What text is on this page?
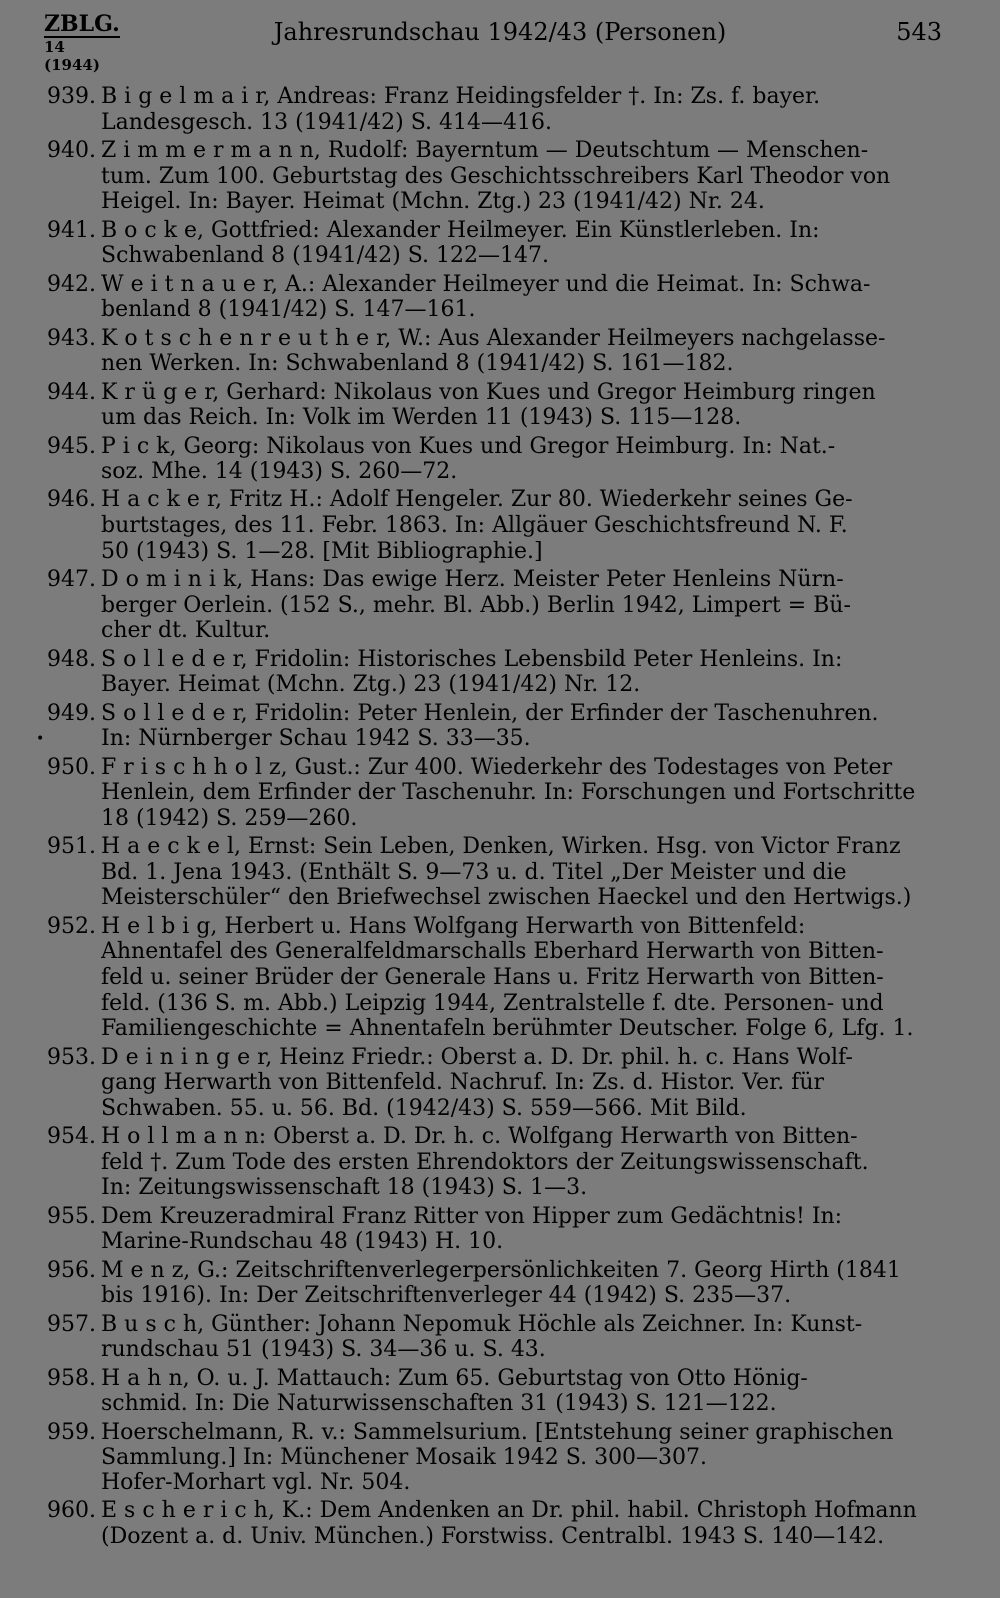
ZBLG.
14 (1944)
Jahresrundschau 1942/43 (Personen)	543
939. B i g e l m a i r, Andreas: Franz Heidingsfelder †. In: Zs. f. bayer.
Landesgesch. 13 (1941/42) S. 414—416.
940. Z i m m e r m a n n, Rudolf: Bayerntum — Deutschtum — Menschen-
tum. Zum 100. Geburtstag des Geschichtsschreibers Karl Theodor von
Heigel. In: Bayer. Heimat (Mchn. Ztg.) 23 (1941/42) Nr. 24.
941. B o c k e, Gottfried: Alexander Heilmeyer. Ein Künstlerleben. In:
Schwabenland 8 (1941/42) S. 122—147.
942. W e i t n a u e r, A.: Alexander Heilmeyer und die Heimat. In: Schwa-
benland 8 (1941/42) S. 147—161.
943. K o t s c h e n r e u t h e r, W.: Aus Alexander Heilmeyers nachgelasse-
nen Werken. In: Schwabenland 8 (1941/42) S. 161—182.
944. K r ü g e r, Gerhard: Nikolaus von Kues und Gregor Heimburg ringen
um das Reich. In: Volk im Werden 11 (1943) S. 115—128.
945. P i c k, Georg: Nikolaus von Kues und Gregor Heimburg. In: Nat.-
soz. Mhe. 14 (1943) S. 260—72.
946. H a c k e r, Fritz H.: Adolf Hengeler. Zur 80. Wiederkehr seines Ge-
burtstages, des 11. Febr. 1863. In: Allgäuer Geschichtsfreund N. F.
50 (1943) S. 1—28. [Mit Bibliographie.]
947. D o m i n i k, Hans: Das ewige Herz. Meister Peter Henleins Nürn-
berger Oerlein. (152 S., mehr. Bl. Abb.) Berlin 1942, Limpert = Bü-
cher dt. Kultur.
948. S o l l e d e r, Fridolin: Historisches Lebensbild Peter Henleins. In:
Bayer. Heimat (Mchn. Ztg.) 23 (1941/42) Nr. 12.
949.
•
S o l l e d e r, Fridolin: Peter Henlein, der Erfinder der Taschenuhren.
In: Nürnberger Schau 1942 S. 33—35.
950. F r i s c h h o l z, Gust.: Zur 400. Wiederkehr des Todestages von Peter
Henlein, dem Erfinder der Taschenuhr. In: Forschungen und Fortschritte
18 (1942) S. 259—260.
951. H a e c k e l, Ernst: Sein Leben, Denken, Wirken. Hsg. von Victor Franz
Bd. 1. Jena 1943. (Enthält S. 9—73 u. d. Titel „Der Meister und die
Meisterschüler“ den Briefwechsel zwischen Haeckel und den Hertwigs.)
952. H e l b i g, Herbert u. Hans Wolfgang Herwarth von Bittenfeld:
Ahnentafel des Generalfeldmarschalls Eberhard Herwarth von Bitten-
feld u. seiner Brüder der Generale Hans u. Fritz Herwarth von Bitten-
feld. (136 S. m. Abb.) Leipzig 1944, Zentralstelle f. dte. Personen- und
Familiengeschichte = Ahnentafeln berühmter Deutscher. Folge 6, Lfg. 1.
953. D e i n i n g e r, Heinz Friedr.: Oberst a. D. Dr. phil. h. c. Hans Wolf-
gang Herwarth von Bittenfeld. Nachruf. In: Zs. d. Histor. Ver. für
Schwaben. 55. u. 56. Bd. (1942/43) S. 559—566. Mit Bild.
954. H o l l m a n n: Oberst a. D. Dr. h. c. Wolfgang Herwarth von Bitten-
feld †. Zum Tode des ersten Ehrendoktors der Zeitungswissenschaft.
In: Zeitungswissenschaft 18 (1943) S. 1—3.
955. Dem Kreuzeradmiral Franz Ritter von Hipper zum Gedächtnis! In:
Marine-Rundschau 48 (1943) H. 10.
956. M e n z, G.: Zeitschriftenverlegerpersönlichkeiten 7. Georg Hirth (1841
bis 1916). In: Der Zeitschriftenverleger 44 (1942) S. 235—37.
957. B u s c h, Günther: Johann Nepomuk Höchle als Zeichner. In: Kunst-
rundschau 51 (1943) S. 34—36 u. S. 43.
958. H a h n, O. u. J. Mattauch: Zum 65. Geburtstag von Otto Hönig-
schmid. In: Die Naturwissenschaften 31 (1943) S. 121—122.
959. Hoerschelmann, R. v.: Sammelsurium. [Entstehung seiner graphischen
Sammlung.] In: Münchener Mosaik 1942 S. 300—307.
Hofer-Morhart vgl. Nr. 504.
960. E s c h e r i c h, K.: Dem Andenken an Dr. phil. habil. Christoph Hofmann
(Dozent a. d. Univ. München.) Forstwiss. Centralbl. 1943 S. 140—142.
